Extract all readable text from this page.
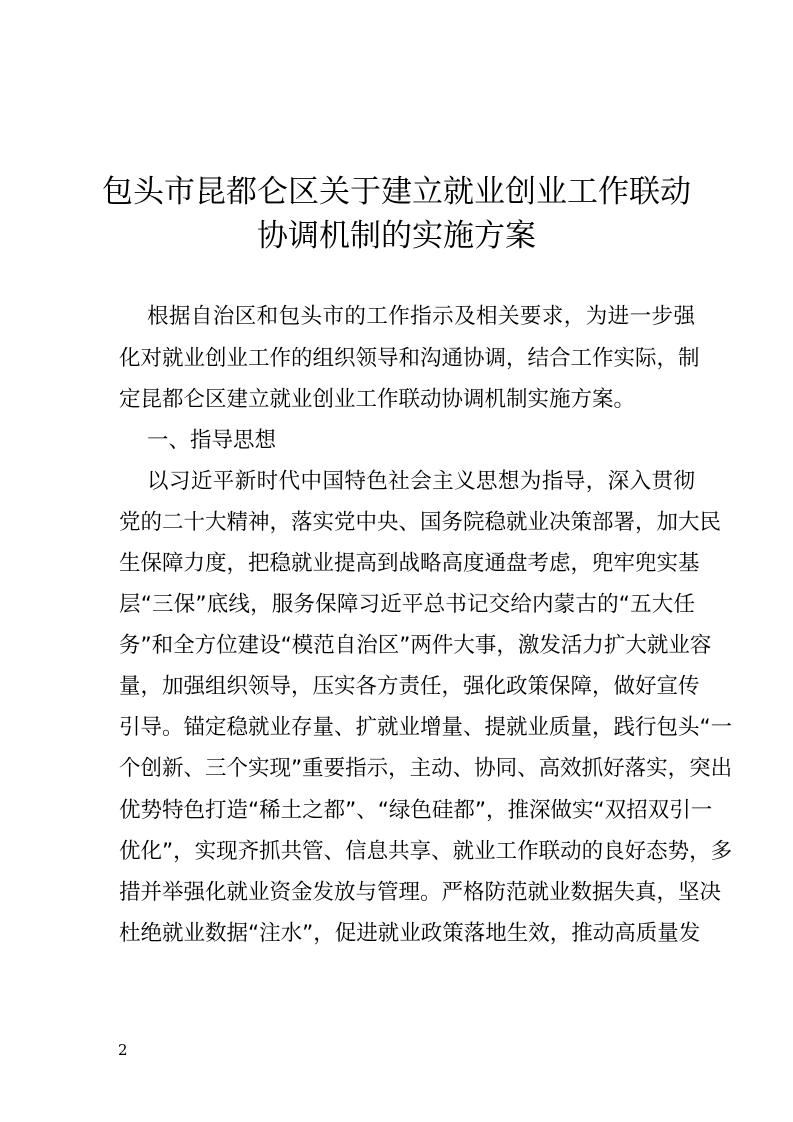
包头市昆都仑区关于建立就业创业工作联动
协调机制的实施方案
根据自治区和包头市的工作指示及相关要求，为进一步强
化对就业创业工作的组织领导和沟通协调，结合工作实际，制
定昆都仑区建立就业创业工作联动协调机制实施方案。
一、指导思想
以习近平新时代中国特色社会主义思想为指导，深入贯彻
党的二十大精神，落实党中央、国务院稳就业决策部署，加大民
生保障力度，把稳就业提高到战略高度通盘考虑，兜牢兜实基
层“三保”底线，服务保障习近平总书记交给内蒙古的“五大任
务”和全方位建设“模范自治区”两件大事，激发活力扩大就业容
量，加强组织领导，压实各方责任，强化政策保障，做好宣传
引导。锚定稳就业存量、扩就业增量、提就业质量，践行包头“一
个创新、三个实现”重要指示，主动、协同、高效抓好落实，突出
优势特色打造“稀土之都”、“绿色硅都”，推深做实“双招双引一
优化”，实现齐抓共管、信息共享、就业工作联动的良好态势，多
措并举强化就业资金发放与管理。严格防范就业数据失真，坚决
杜绝就业数据“注水”，促进就业政策落地生效，推动高质量发
2
